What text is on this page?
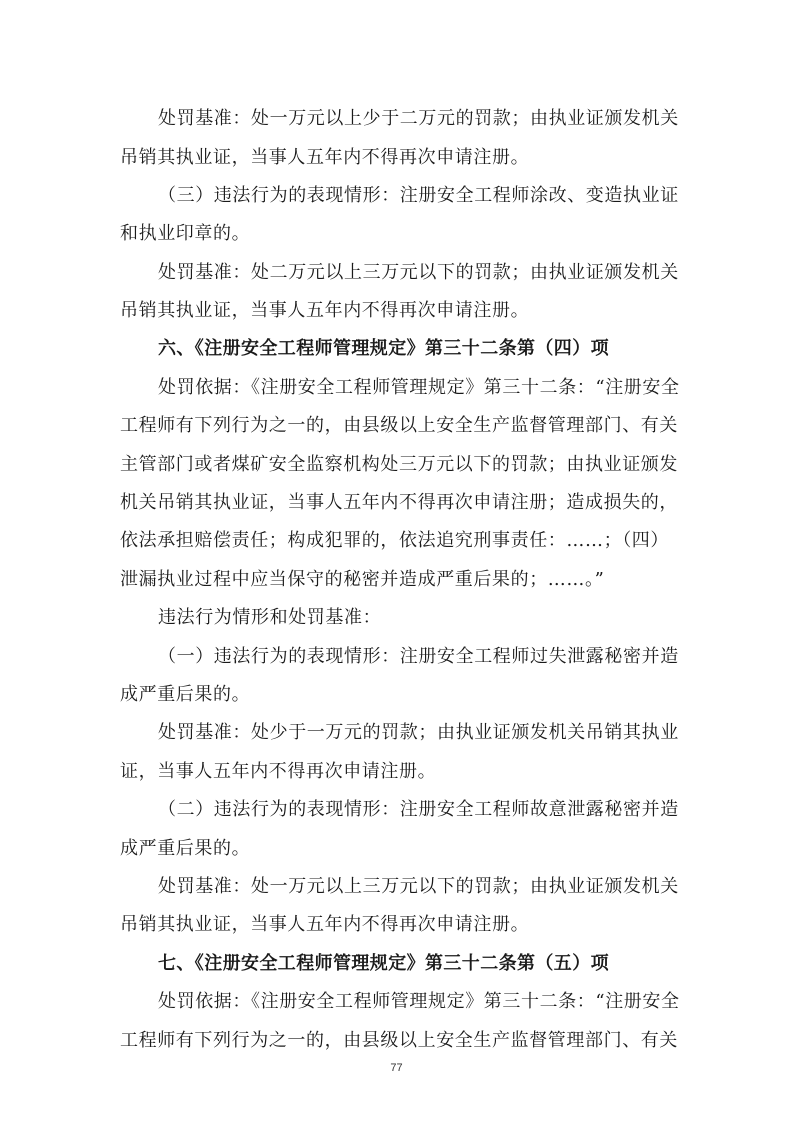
处罚基准：处一万元以上少于二万元的罚款；由执业证颁发机关
吊销其执业证，当事人五年内不得再次申请注册。
（三）违法行为的表现情形：注册安全工程师涂改、变造执业证
和执业印章的。
处罚基准：处二万元以上三万元以下的罚款；由执业证颁发机关
吊销其执业证，当事人五年内不得再次申请注册。
六、《注册安全工程师管理规定》第三十二条第（四）项
处罚依据：《注册安全工程师管理规定》第三十二条：“注册安全
工程师有下列行为之一的，由县级以上安全生产监督管理部门、有关
主管部门或者煤矿安全监察机构处三万元以下的罚款；由执业证颁发
机关吊销其执业证，当事人五年内不得再次申请注册；造成损失的，
依法承担赔偿责任；构成犯罪的，依法追究刑事责任：……；（四）
泄漏执业过程中应当保守的秘密并造成严重后果的；……。”
违法行为情形和处罚基准：
（一）违法行为的表现情形：注册安全工程师过失泄露秘密并造
成严重后果的。
处罚基准：处少于一万元的罚款；由执业证颁发机关吊销其执业
证，当事人五年内不得再次申请注册。
（二）违法行为的表现情形：注册安全工程师故意泄露秘密并造
成严重后果的。
处罚基准：处一万元以上三万元以下的罚款；由执业证颁发机关
吊销其执业证，当事人五年内不得再次申请注册。
七、《注册安全工程师管理规定》第三十二条第（五）项
处罚依据：《注册安全工程师管理规定》第三十二条：“注册安全
工程师有下列行为之一的，由县级以上安全生产监督管理部门、有关
77
